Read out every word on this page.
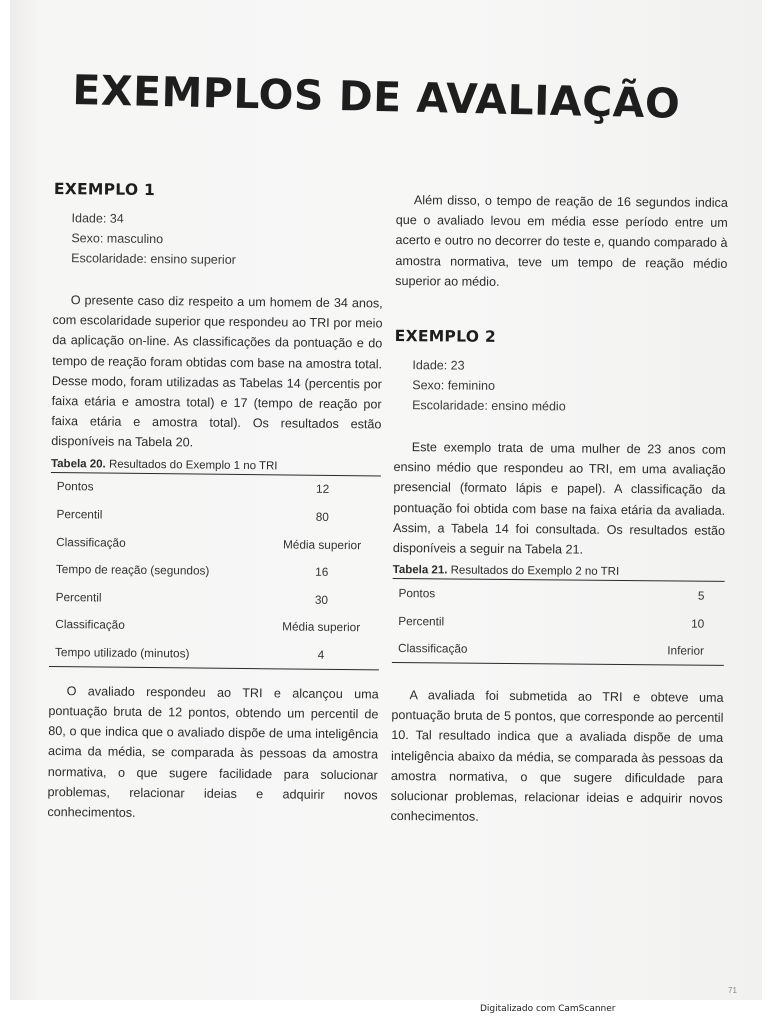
EXEMPLOS DE AVALIAÇÃO
EXEMPLO 1
Idade: 34
Sexo: masculino
Escolaridade: ensino superior

O presente caso diz respeito a um homem de 34 anos, com escolaridade superior que respondeu ao TRI por meio da aplicação on-line. As classificações da pontuação e do tempo de reação foram obtidas com base na amostra total. Desse modo, foram utilizadas as Tabelas 14 (percentis por faixa etária e amostra total) e 17 (tempo de reação por faixa etária e amostra total). Os resultados estão disponíveis na Tabela 20.

Tabela 20. Resultados do Exemplo 1 no TRI
Pontos	12
Percentil	80
Classificação	Média superior
Tempo de reação (segundos)	16
Percentil	30
Classificação	Média superior
Tempo utilizado (minutos)	4

O avaliado respondeu ao TRI e alcançou uma pontuação bruta de 12 pontos, obtendo um percentil de 80, o que indica que o avaliado dispõe de uma inteligência acima da média, se comparada às pessoas da amostra normativa, o que sugere facilidade para solucionar problemas, relacionar ideias e adquirir novos conhecimentos.

Além disso, o tempo de reação de 16 segundos indica que o avaliado levou em média esse período entre um acerto e outro no decorrer do teste e, quando comparado à amostra normativa, teve um tempo de reação médio superior ao médio.

EXEMPLO 2
Idade: 23
Sexo: feminino
Escolaridade: ensino médio

Este exemplo trata de uma mulher de 23 anos com ensino médio que respondeu ao TRI, em uma avaliação presencial (formato lápis e papel). A classificação da pontuação foi obtida com base na faixa etária da avaliada. Assim, a Tabela 14 foi consultada. Os resultados estão disponíveis a seguir na Tabela 21.

Tabela 21. Resultados do Exemplo 2 no TRI
Pontos	5
Percentil	10
Classificação	Inferior

A avaliada foi submetida ao TRI e obteve uma pontuação bruta de 5 pontos, que corresponde ao percentil 10. Tal resultado indica que a avaliada dispõe de uma inteligência abaixo da média, se comparada às pessoas da amostra normativa, o que sugere dificuldade para solucionar problemas, relacionar ideias e adquirir novos conhecimentos.

71
Digitalizado com CamScanner
